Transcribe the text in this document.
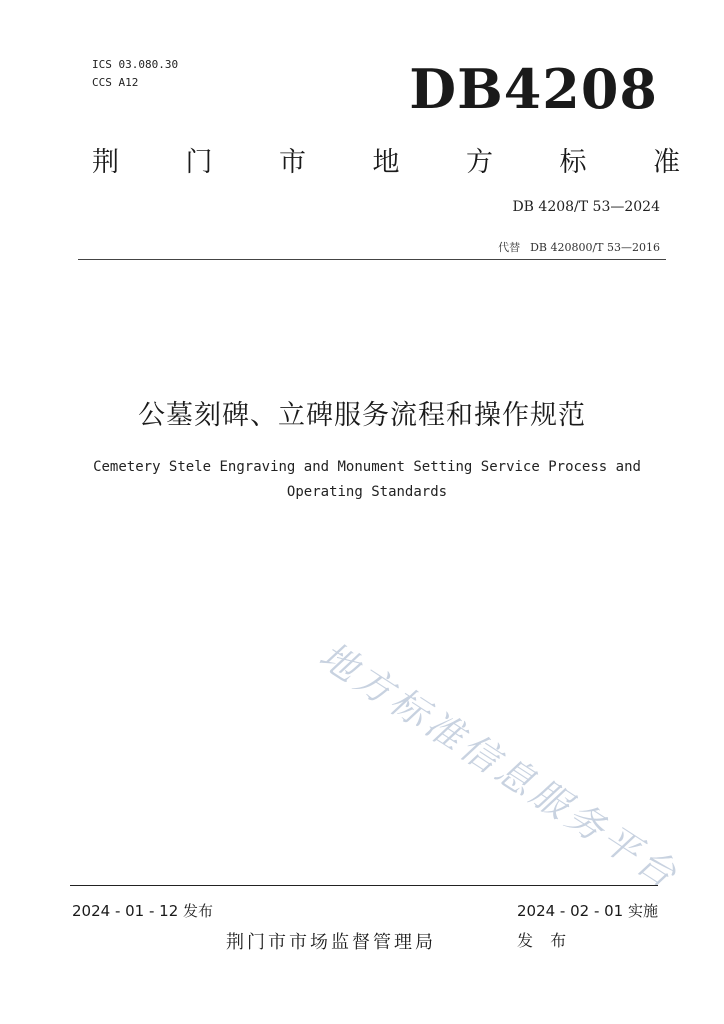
ICS 03.080.30
CCS A12	DB4208
荆 门 市 地 方 标 准
DB 4208/T 53—2024
代替 DB 420800/T 53—2016
公墓刻碑、立碑服务流程和操作规范
Cemetery Stele Engraving and Monument Setting Service Process and
Operating Standards
地方标准信息服务平台
2024 - 01 - 12 发布	2024 - 02 - 01 实施
荆门市市场监督管理局	发 布
